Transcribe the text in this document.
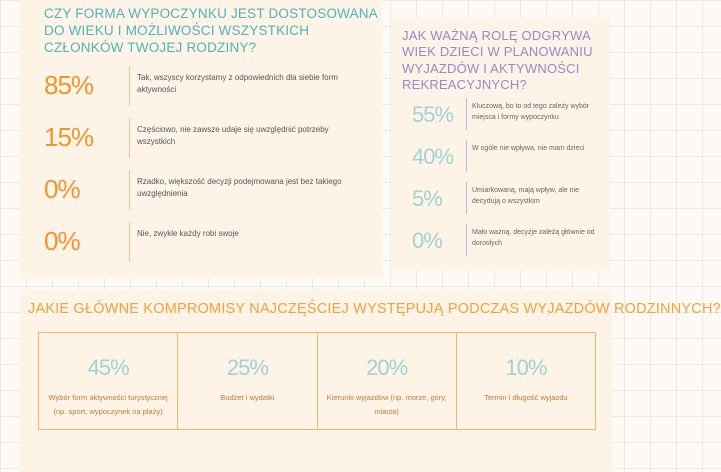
CZY FORMA WYPOCZYNKU JEST DOSTOSOWANA DO WIEKU I MOŻLIWOŚCI WSZYSTKICH CZŁONKÓW TWOJEJ RODZINY?
85%	Tak, wszyscy korzystamy z odpowiednich dla siebie form aktywności
15%	Częściowo, nie zawsze udaje się uwzględnić potrzeby wszystkich
0%	Rzadko, większość decyzji podejmowana jest bez takiego uwzględnienia
0%	Nie, zwykle każdy robi swoje
JAK WAŻNĄ ROLĘ ODGRYWA WIEK DZIECI W PLANOWANIU WYJAZDÓW I AKTYWNOŚCI REKREACYJNYCH?
55%	Kluczową, bo to od tego zależy wybór miejsca i formy wypoczynku
40%	W ogóle nie wpływa, nie mam dzieci
5%	Umiarkowaną, mają wpływ, ale nie decydują o wszystkim
0%	Mało ważną, decyzje zależą głównie od dorosłych
JAKIE GŁÓWNE KOMPROMISY NAJCZĘŚCIEJ WYSTĘPUJĄ PODCZAS WYJAZDÓW RODZINNYCH?
45%
Wybór form aktywności turystycznej (np. sport, wypoczynek na plaży)
25%
Budżet i wydatki
20%
Kierunki wyjazdów (np. morze, góry, miasta)
10%
Termin i długość wyjazdu
